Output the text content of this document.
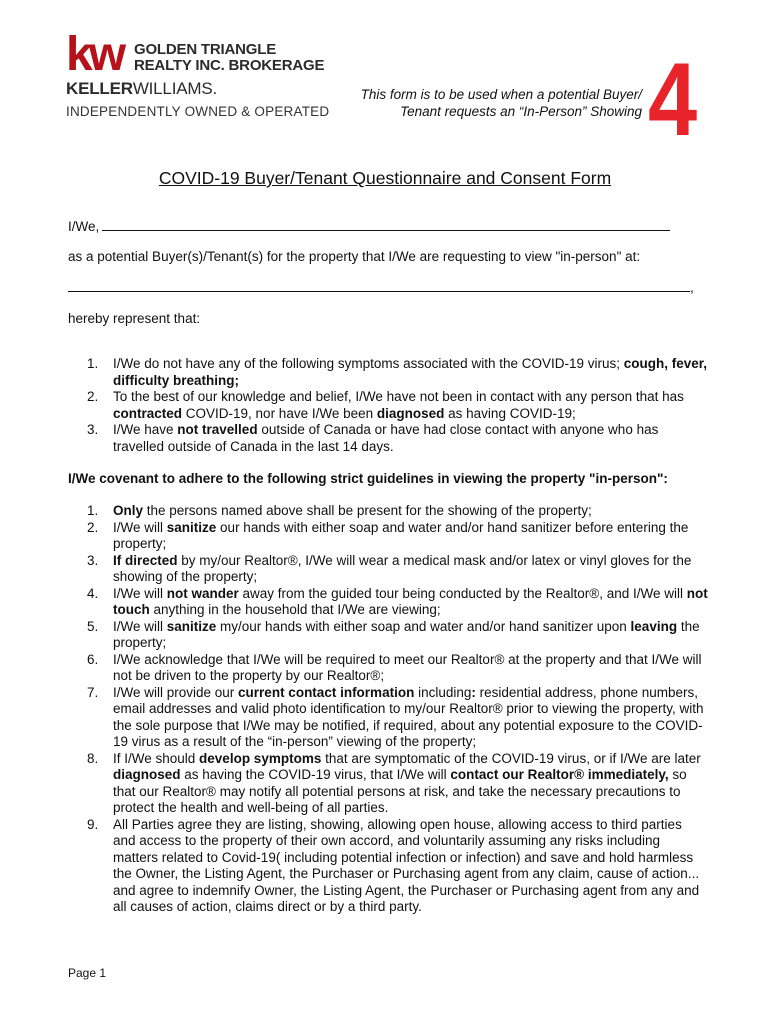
kw GOLDEN TRIANGLE
REALTY INC. BROKERAGE
KELLERWILLIAMS.
INDEPENDENTLY OWNED & OPERATED
This form is to be used when a potential Buyer/
Tenant requests an “In-Person” Showing 4
COVID-19 Buyer/Tenant Questionnaire and Consent Form
I/We,
as a potential Buyer(s)/Tenant(s) for the property that I/We are requesting to view "in-person" at:
,
hereby represent that:
1. I/We do not have any of the following symptoms associated with the COVID-19 virus; cough, fever, difficulty breathing;
2. To the best of our knowledge and belief, I/We have not been in contact with any person that has contracted COVID-19, nor have I/We been diagnosed as having COVID-19;
3. I/We have not travelled outside of Canada or have had close contact with anyone who has travelled outside of Canada in the last 14 days.
I/We covenant to adhere to the following strict guidelines in viewing the property "in-person":
1. Only the persons named above shall be present for the showing of the property;
2. I/We will sanitize our hands with either soap and water and/or hand sanitizer before entering the property;
3. If directed by my/our Realtor®, I/We will wear a medical mask and/or latex or vinyl gloves for the showing of the property;
4. I/We will not wander away from the guided tour being conducted by the Realtor®, and I/We will not touch anything in the household that I/We are viewing;
5. I/We will sanitize my/our hands with either soap and water and/or hand sanitizer upon leaving the property;
6. I/We acknowledge that I/We will be required to meet our Realtor® at the property and that I/We will not be driven to the property by our Realtor®;
7. I/We will provide our current contact information including: residential address, phone numbers, email addresses and valid photo identification to my/our Realtor® prior to viewing the property, with the sole purpose that I/We may be notified, if required, about any potential exposure to the COVID-19 virus as a result of the “in-person” viewing of the property;
8. If I/We should develop symptoms that are symptomatic of the COVID-19 virus, or if I/We are later diagnosed as having the COVID-19 virus, that I/We will contact our Realtor® immediately, so that our Realtor® may notify all potential persons at risk, and take the necessary precautions to protect the health and well-being of all parties.
9. All Parties agree they are listing, showing, allowing open house, allowing access to third parties and access to the property of their own accord, and voluntarily assuming any risks including matters related to Covid-19( including potential infection or infection) and save and hold harmless the Owner, the Listing Agent, the Purchaser or Purchasing agent from any claim, cause of action... and agree to indemnify Owner, the Listing Agent, the Purchaser or Purchasing agent from any and all causes of action, claims direct or by a third party.
Page 1
